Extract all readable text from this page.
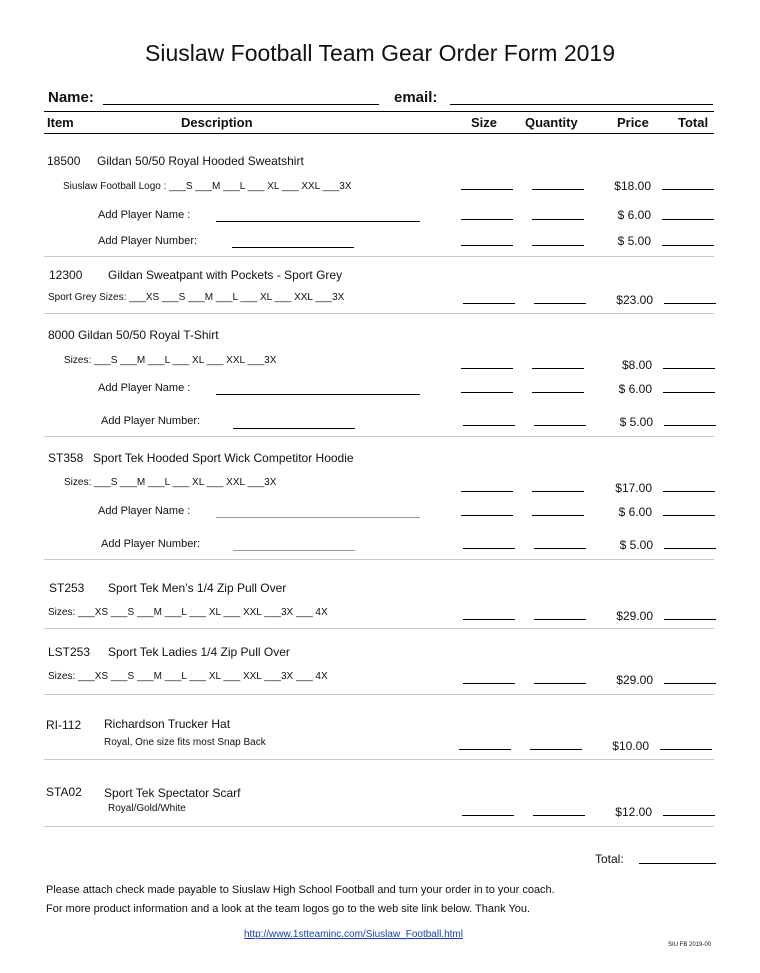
Siuslaw Football Team Gear Order Form 2019
Name:	email:
Item	Description	Size Quantity	Price Total
18500 Gildan 50/50 Royal Hooded Sweatshirt
Siuslaw Football Logo : ___S ___M ___L ___ XL ___ XXL ___3X	$18.00
Add Player Name :	$ 6.00
Add Player Number:	$ 5.00
12300 Gildan Sweatpant with Pockets - Sport Grey
Sport Grey Sizes: ___XS ___S ___M ___L ___ XL ___ XXL ___3X	$23.00
8000 Gildan 50/50 Royal T-Shirt
Sizes: ___S ___M ___L ___ XL ___ XXL ___3X	$8.00
Add Player Name :	$ 6.00
Add Player Number:	$ 5.00
ST358 Sport Tek Hooded Sport Wick Competitor Hoodie
Sizes: ___S ___M ___L ___ XL ___ XXL ___3X	$17.00
Add Player Name :	$ 6.00
Add Player Number:	$ 5.00
ST253 Sport Tek Men’s 1/4 Zip Pull Over
Sizes: ___XS ___S ___M ___L ___ XL ___ XXL ___3X ___ 4X	$29.00
LST253 Sport Tek Ladies 1/4 Zip Pull Over
Sizes: ___XS ___S ___M ___L ___ XL ___ XXL ___3X ___ 4X	$29.00
RI-112 Richardson Trucker Hat
Royal, One size fits most Snap Back	$10.00
STA02 Sport Tek Spectator Scarf
Royal/Gold/White	$12.00
Total:
Please attach check made payable to Siuslaw High School Football and turn your order in to your coach.
For more product information and a look at the team logos go to the web site link below. Thank You.
http://www.1stteaminc.com/Siuslaw_Football.html
SIU FB 2019-00
